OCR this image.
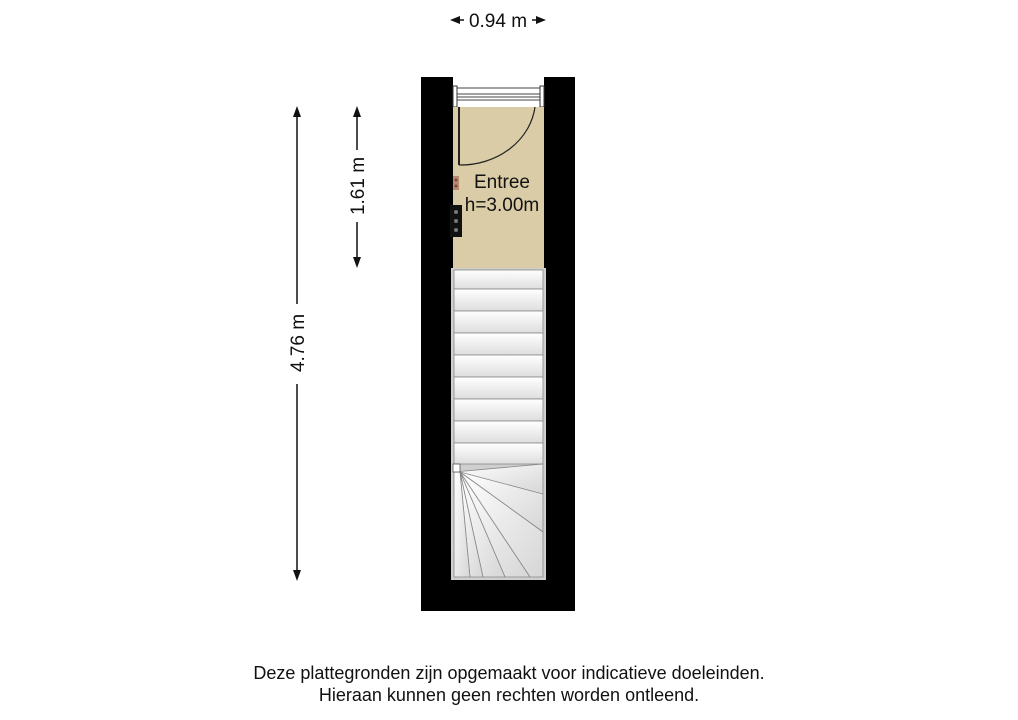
0.94 m
4.76 m
1.61 m	Entree
h=3.00m
Deze plattegronden zijn opgemaakt voor indicatieve doeleinden.
Hieraan kunnen geen rechten worden ontleend.
